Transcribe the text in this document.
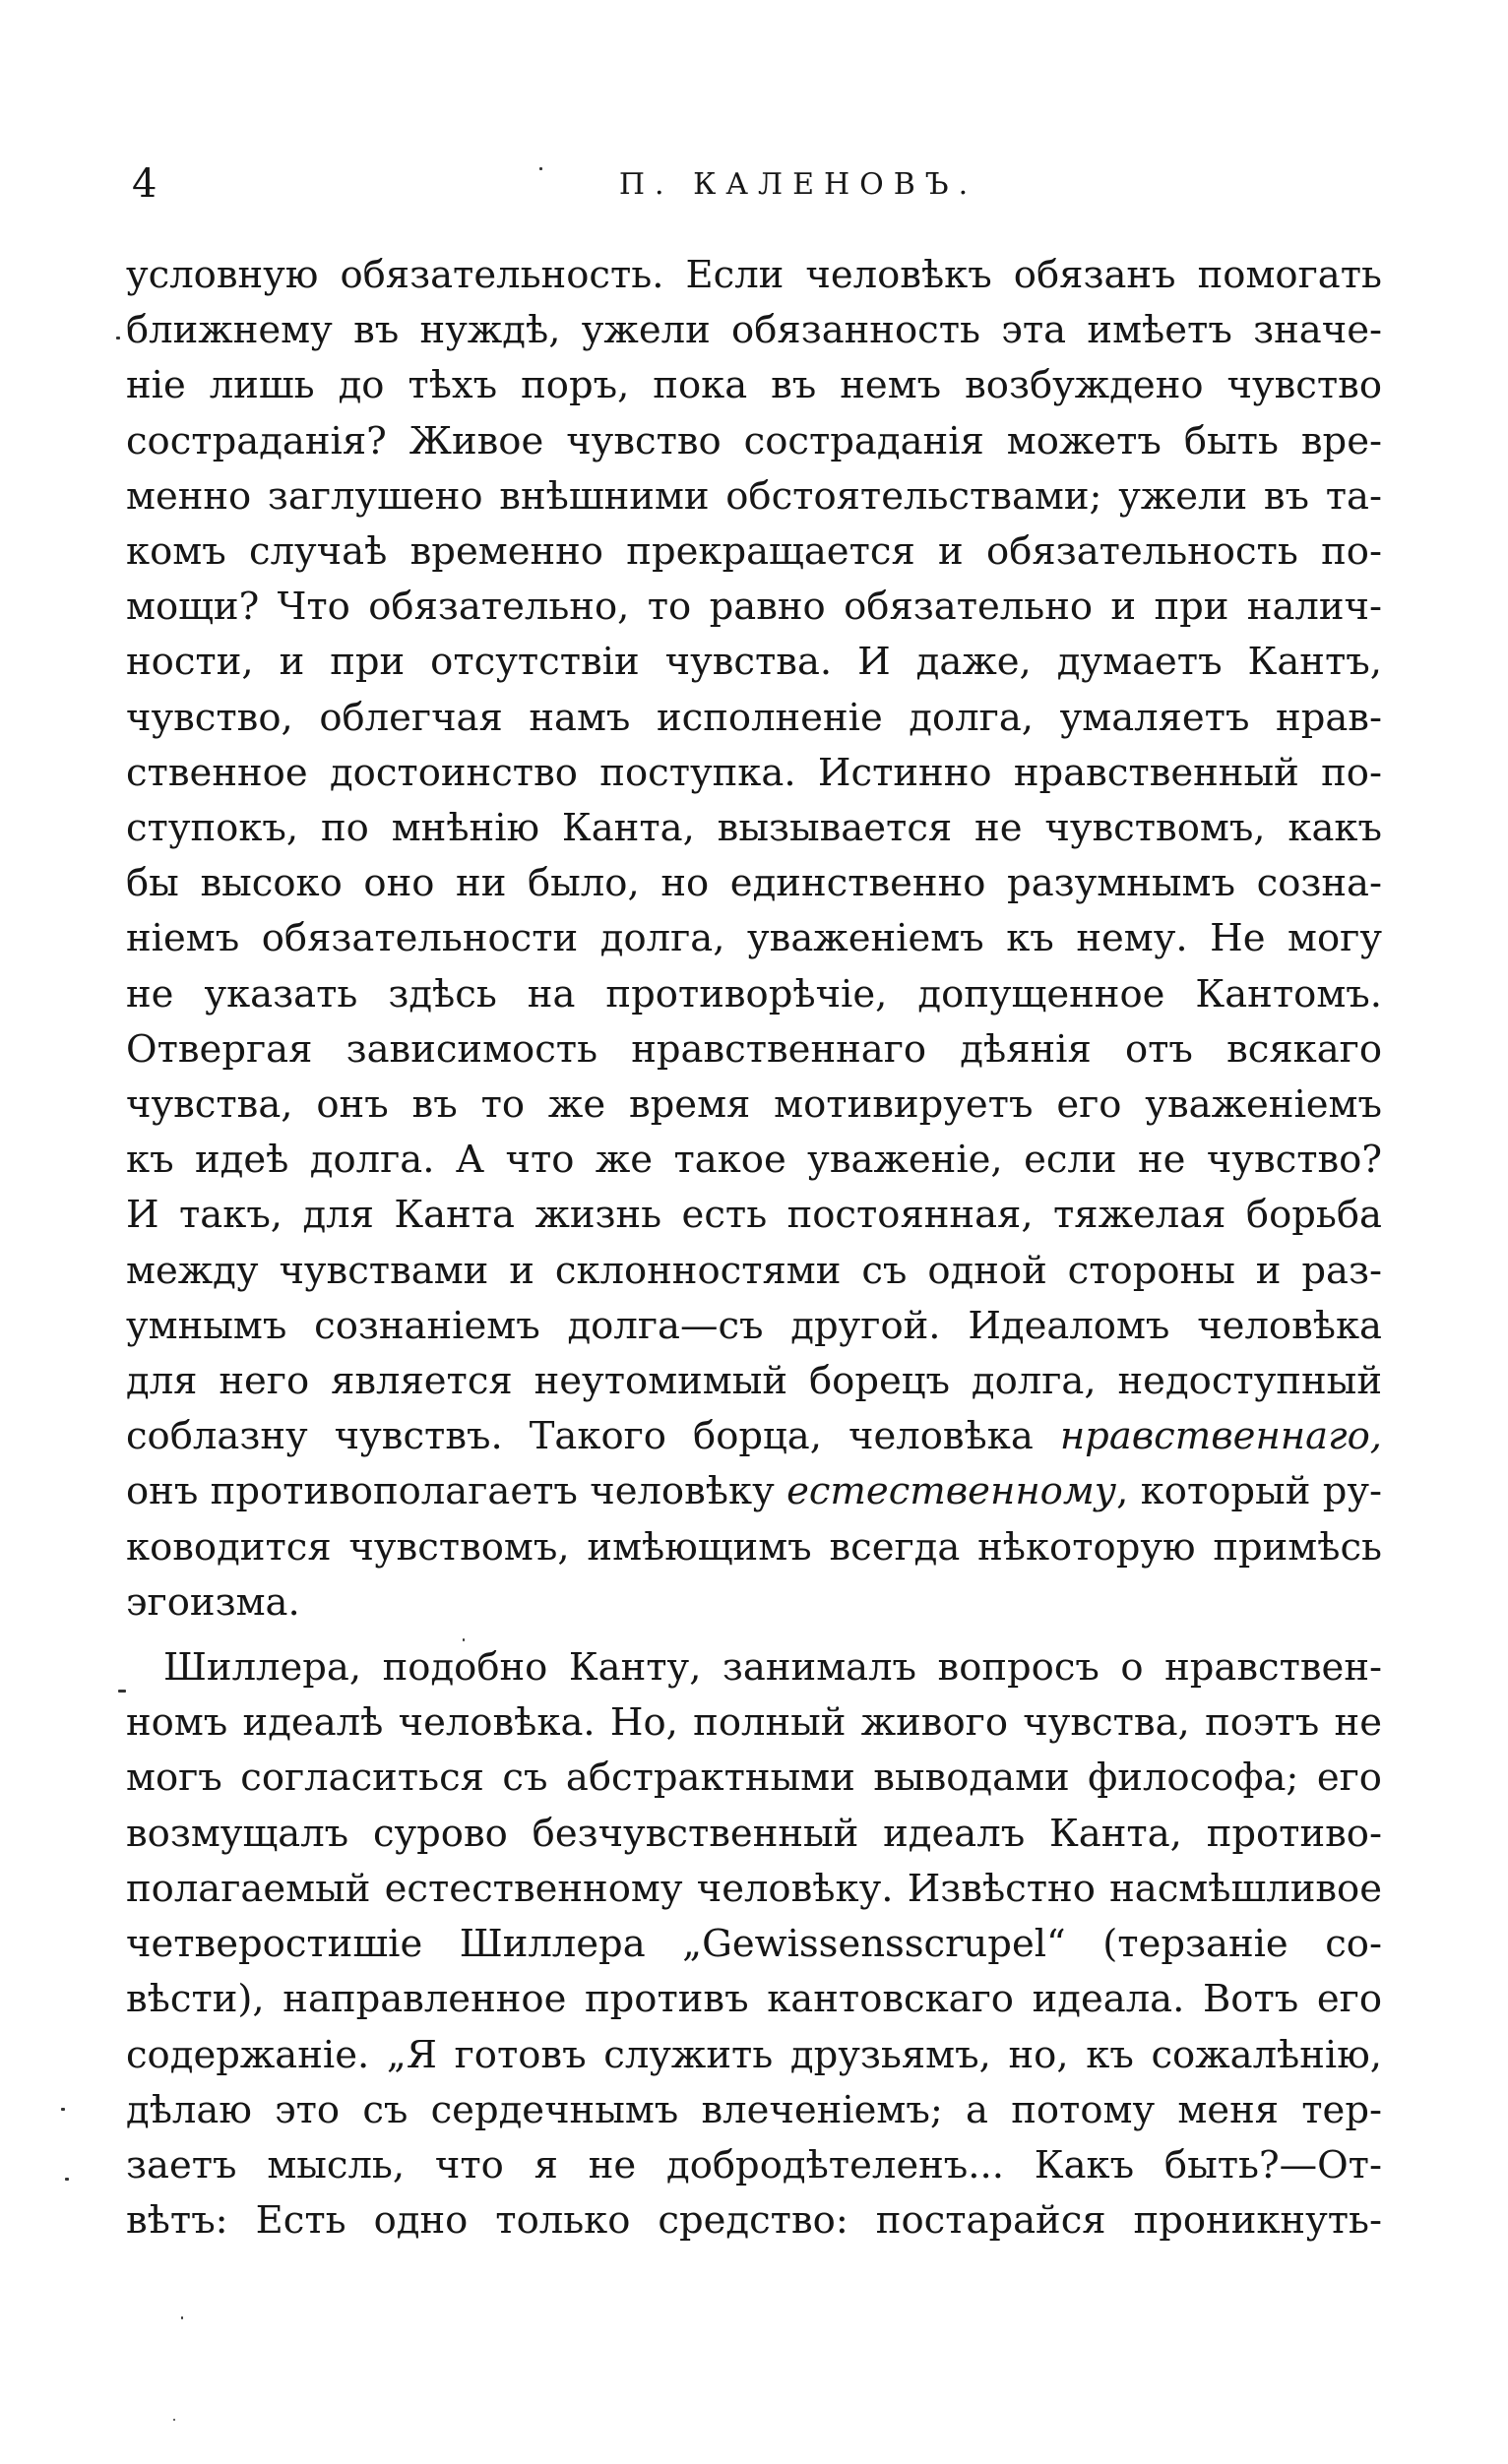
4	П. КАЛЕНОВЪ.
условную обязательность. Если человѣкъ обязанъ помогать
ближнему въ нуждѣ, ужели обязанность эта имѣетъ значе-
ніе лишь до тѣхъ поръ, пока въ немъ возбуждено чувство
состраданія? Живое чувство состраданія можетъ быть вре-
менно заглушено внѣшними обстоятельствами; ужели въ та-
комъ случаѣ временно прекращается и обязательность по-
мощи? Что обязательно, то равно обязательно и при налич-
ности, и при отсутствіи чувства. И даже, думаетъ Кантъ,
чувство, облегчая намъ исполненіе долга, умаляетъ нрав-
ственное достоинство поступка. Истинно нравственный по-
ступокъ, по мнѣнію Канта, вызывается не чувствомъ, какъ
бы высоко оно ни было, но единственно разумнымъ созна-
ніемъ обязательности долга, уваженіемъ къ нему. Не могу
не указать здѣсь на противорѣчіе, допущенное Кантомъ.
Отвергая зависимость нравственнаго дѣянія отъ всякаго
чувства, онъ въ то же время мотивируетъ его уваженіемъ
къ идеѣ долга. А что же такое уваженіе, если не чувство?
И такъ, для Канта жизнь есть постоянная, тяжелая борьба
между чувствами и склонностями съ одной стороны и раз-
умнымъ сознаніемъ долга—съ другой. Идеаломъ человѣка
для него является неутомимый борецъ долга, недоступный
соблазну чувствъ. Такого борца, человѣка нравственнаго,
онъ противополагаетъ человѣку естественному, который ру-
ководится чувствомъ, имѣющимъ всегда нѣкоторую примѣсь
эгоизма.
Шиллера, подобно Канту, занималъ вопросъ о нравствен-
номъ идеалѣ человѣка. Но, полный живого чувства, поэтъ не
могъ согласиться съ абстрактными выводами философа; его
возмущалъ сурово безчувственный идеалъ Канта, противо-
полагаемый естественному человѣку. Извѣстно насмѣшливое
четверостишіе Шиллера „Gewissensscrupel“ (терзаніе со-
вѣсти), направленное противъ кантовскаго идеала. Вотъ его
содержаніе. „Я готовъ служить друзьямъ, но, къ сожалѣнію,
дѣлаю это съ сердечнымъ влеченіемъ; а потому меня тер-
заетъ мысль, что я не добродѣтеленъ... Какъ быть?—От-
вѣтъ: Есть одно только средство: постарайся проникнуть-
